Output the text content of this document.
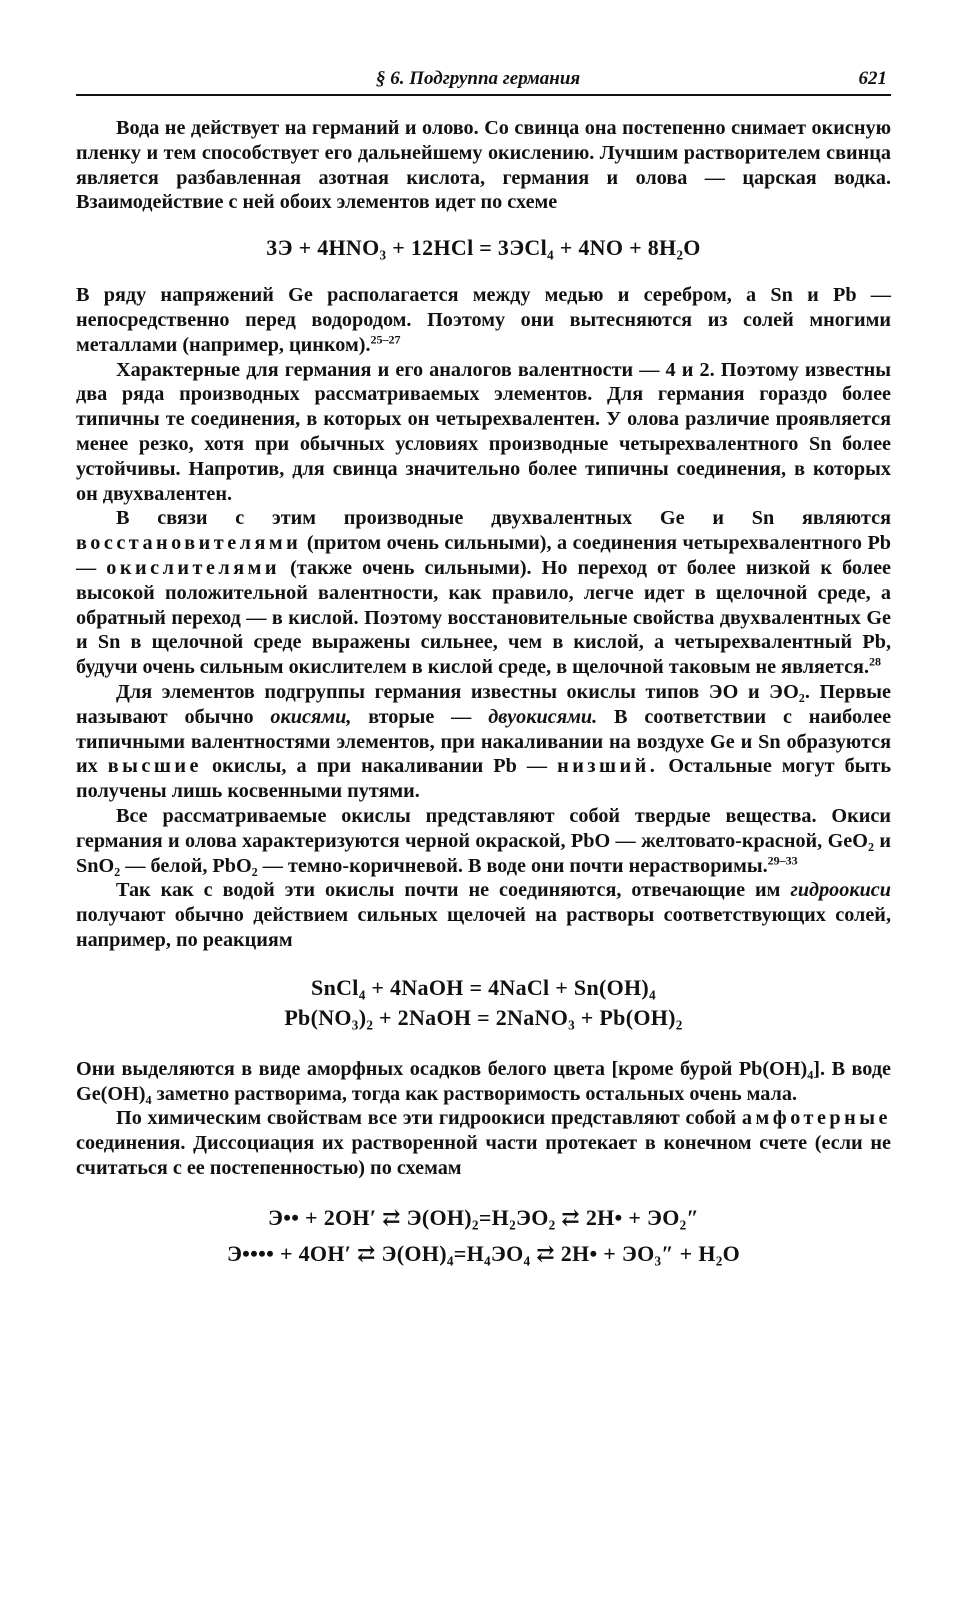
§ 6. Подгруппа германия	621

Вода не действует на германий и олово. Со свинца она постепенно снимает окисную пленку и тем способствует его дальнейшему окислению. Лучшим растворителем свинца является разбавленная азотная кислота, германия и олова — царская водка. Взаимодействие с ней обоих элементов идет по схеме

3Э + 4HNO₃ + 12HCl = 3ЭCl₄ + 4NO + 8H₂O

В ряду напряжений Ge располагается между медью и серебром, а Sn и Pb — непосредственно перед водородом. Поэтому они вытесняются из солей многими металлами (например, цинком).$^{25-27}$

Характерные для германия и его аналогов валентности — 4 и 2. Поэтому известны два ряда производных рассматриваемых элементов. Для германия гораздо более типичны те соединения, в которых он четырехвалентен. У олова различие проявляется менее резко, хотя при обычных условиях производные четырехвалентного Sn более устойчивы. Напротив, для свинца значительно более типичны соединения, в которых он двухвалентен.

В связи с этим производные двухвалентных Ge и Sn являются восстановителями (притом очень сильными), а соединения четырехвалентного Pb — окислителями (также очень сильными). Но переход от более низкой к более высокой положительной валентности, как правило, легче идет в щелочной среде, а обратный переход — в кислой. Поэтому восстановительные свойства двухвалентных Ge и Sn в щелочной среде выражены сильнее, чем в кислой, а четырехвалентный Pb, будучи очень сильным окислителем в кислой среде, в щелочной таковым не является.$^{28}$

Для элементов подгруппы германия известны окислы типов ЭО и ЭО₂. Первые называют обычно окисями, вторые — двуокисями. В соответствии с наиболее типичными валентностями элементов, при накаливании на воздухе Ge и Sn образуются их высшие окислы, а при накаливании Pb — низший. Остальные могут быть получены лишь косвенными путями.

Все рассматриваемые окислы представляют собой твердые вещества. Окиси германия и олова характеризуются черной окраской, PbO — желтовато-красной, GeO₂ и SnO₂ — белой, PbO₂ — темно-коричневой. В воде они почти нерастворимы.$^{29-33}$

Так как с водой эти окислы почти не соединяются, отвечающие им гидроокиси получают обычно действием сильных щелочей на растворы соответствующих солей, например, по реакциям

SnCl₄ + 4NaOH = 4NaCl + Sn(OH)₄
Pb(NO₃)₂ + 2NaOH = 2NaNO₃ + Pb(OH)₂

Они выделяются в виде аморфных осадков белого цвета [кроме бурой Pb(OH)₄]. В воде Ge(OH)₄ заметно растворима, тогда как растворимость остальных очень мала.

По химическим свойствам все эти гидроокиси представляют собой амфотерные соединения. Диссоциация их растворенной части протекает в конечном счете (если не считаться с ее постепенностью) по схемам

Э•• + 2OH′ ⇄ Э(OH)₂=H₂ЭO₂ ⇄ 2H• + ЭO₂″
Э•••• + 4OH′ ⇄ Э(OH)₄=H₄ЭO₄ ⇄ 2H• + ЭO₃″ + H₂O
